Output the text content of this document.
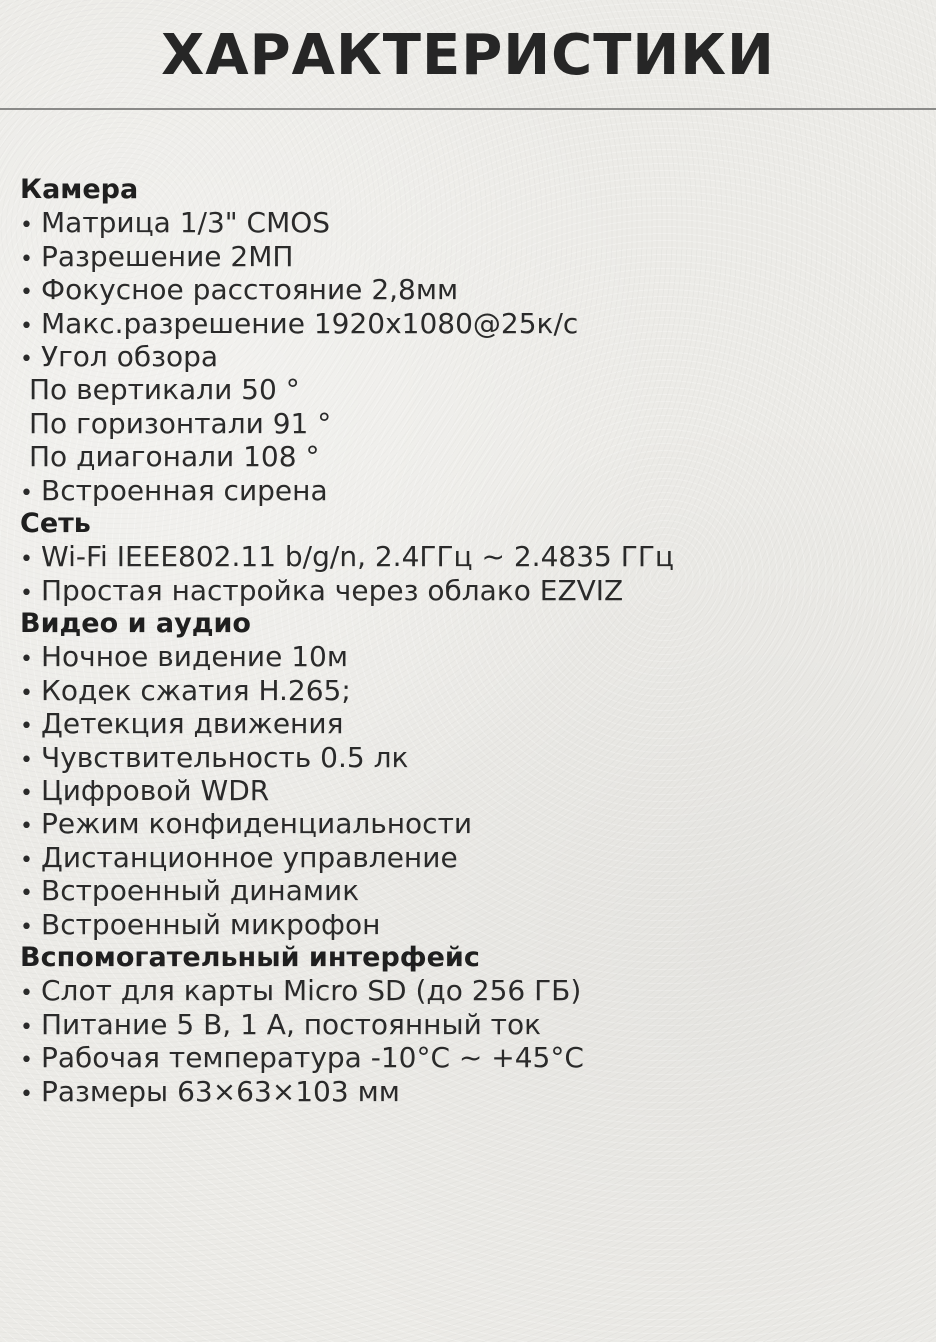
ХАРАКТЕРИСТИКИ
Камера
• Матрица 1/3" CMOS
• Разрешение 2МП
• Фокусное расстояние 2,8мм
• Макс.разрешение 1920x1080@25к/с
• Угол обзора
По вертикали 50 °
По горизонтали 91 °
По диагонали 108 °
• Встроенная сирена
Сеть
• Wi-Fi IEEE802.11 b/g/n, 2.4ГГц ~ 2.4835 ГГц
• Простая настройка через облако EZVIZ
Видео и аудио
• Ночное видение 10м
• Кодек сжатия H.265;
• Детекция движения
• Чувствительность 0.5 лк
• Цифровой WDR
• Режим конфиденциальности
• Дистанционное управление
• Встроенный динамик
• Встроенный микрофон
Вспомогательный интерфейс
• Слот для карты Micro SD (до 256 ГБ)
• Питание 5 В, 1 А, постоянный ток
• Рабочая температура -10°C ~ +45°C
• Размеры 63×63×103 мм
